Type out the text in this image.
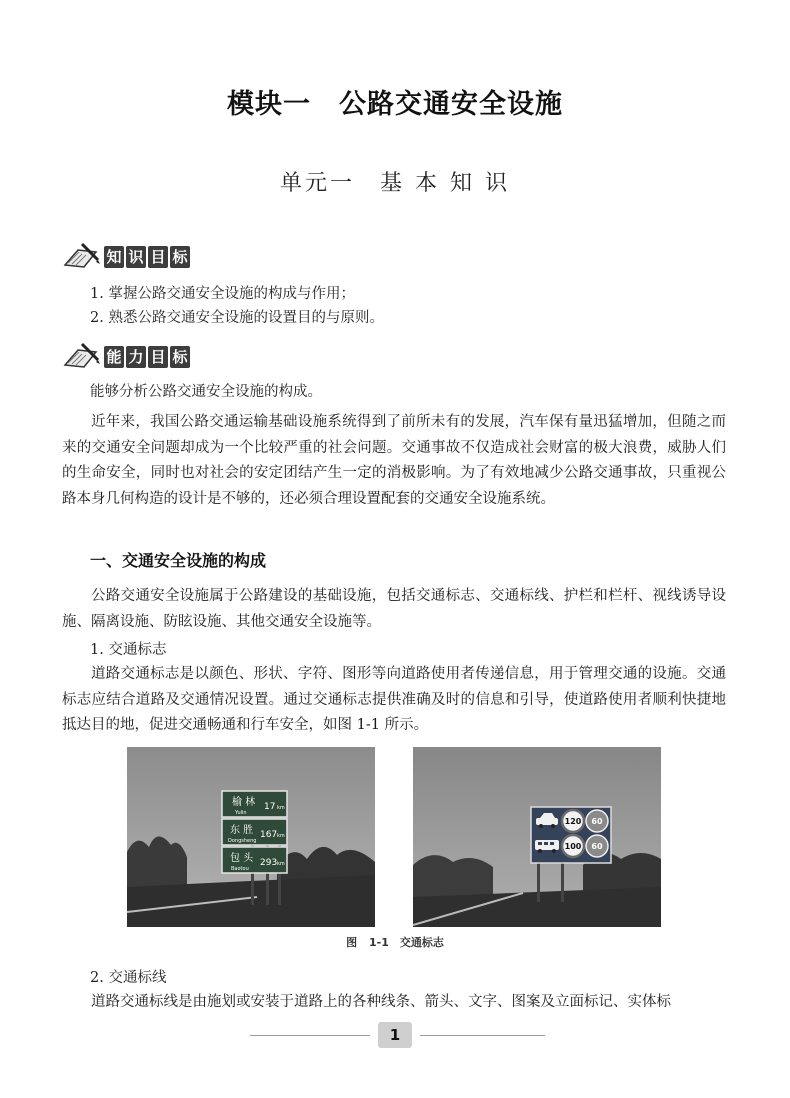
模块一　公路交通安全设施
单元一　基 本 知 识
知 识 目 标
1. 掌握公路交通安全设施的构成与作用；
2. 熟悉公路交通安全设施的设置目的与原则。
能 力 目 标
能够分析公路交通安全设施的构成。
近年来，我国公路交通运输基础设施系统得到了前所未有的发展，汽车保有量迅猛增加，但随之而来的交通安全问题却成为一个比较严重的社会问题。交通事故不仅造成社会财富的极大浪费，威胁人们的生命安全，同时也对社会的安定团结产生一定的消极影响。为了有效地减少公路交通事故，只重视公路本身几何构造的设计是不够的，还必须合理设置配套的交通安全设施系统。
一、交通安全设施的构成
公路交通安全设施属于公路建设的基础设施，包括交通标志、交通标线、护栏和栏杆、视线诱导设施、隔离设施、防眩设施、其他交通安全设施等。
1. 交通标志
道路交通标志是以颜色、形状、字符、图形等向道路使用者传递信息，用于管理交通的设施。交通标志应结合道路及交通情况设置。通过交通标志提供准确及时的信息和引导，使道路使用者顺利快捷地抵达目的地，促进交通畅通和行车安全，如图 1-1 所示。
榆 林
Yulin
17 km
东 胜
Dongsheng
167 km
包 头
Baotou
293 km
120 60
100 60
图 1-1　交通标志
2. 交通标线
道路交通标线是由施划或安装于道路上的各种线条、箭头、文字、图案及立面标记、实体标
1
